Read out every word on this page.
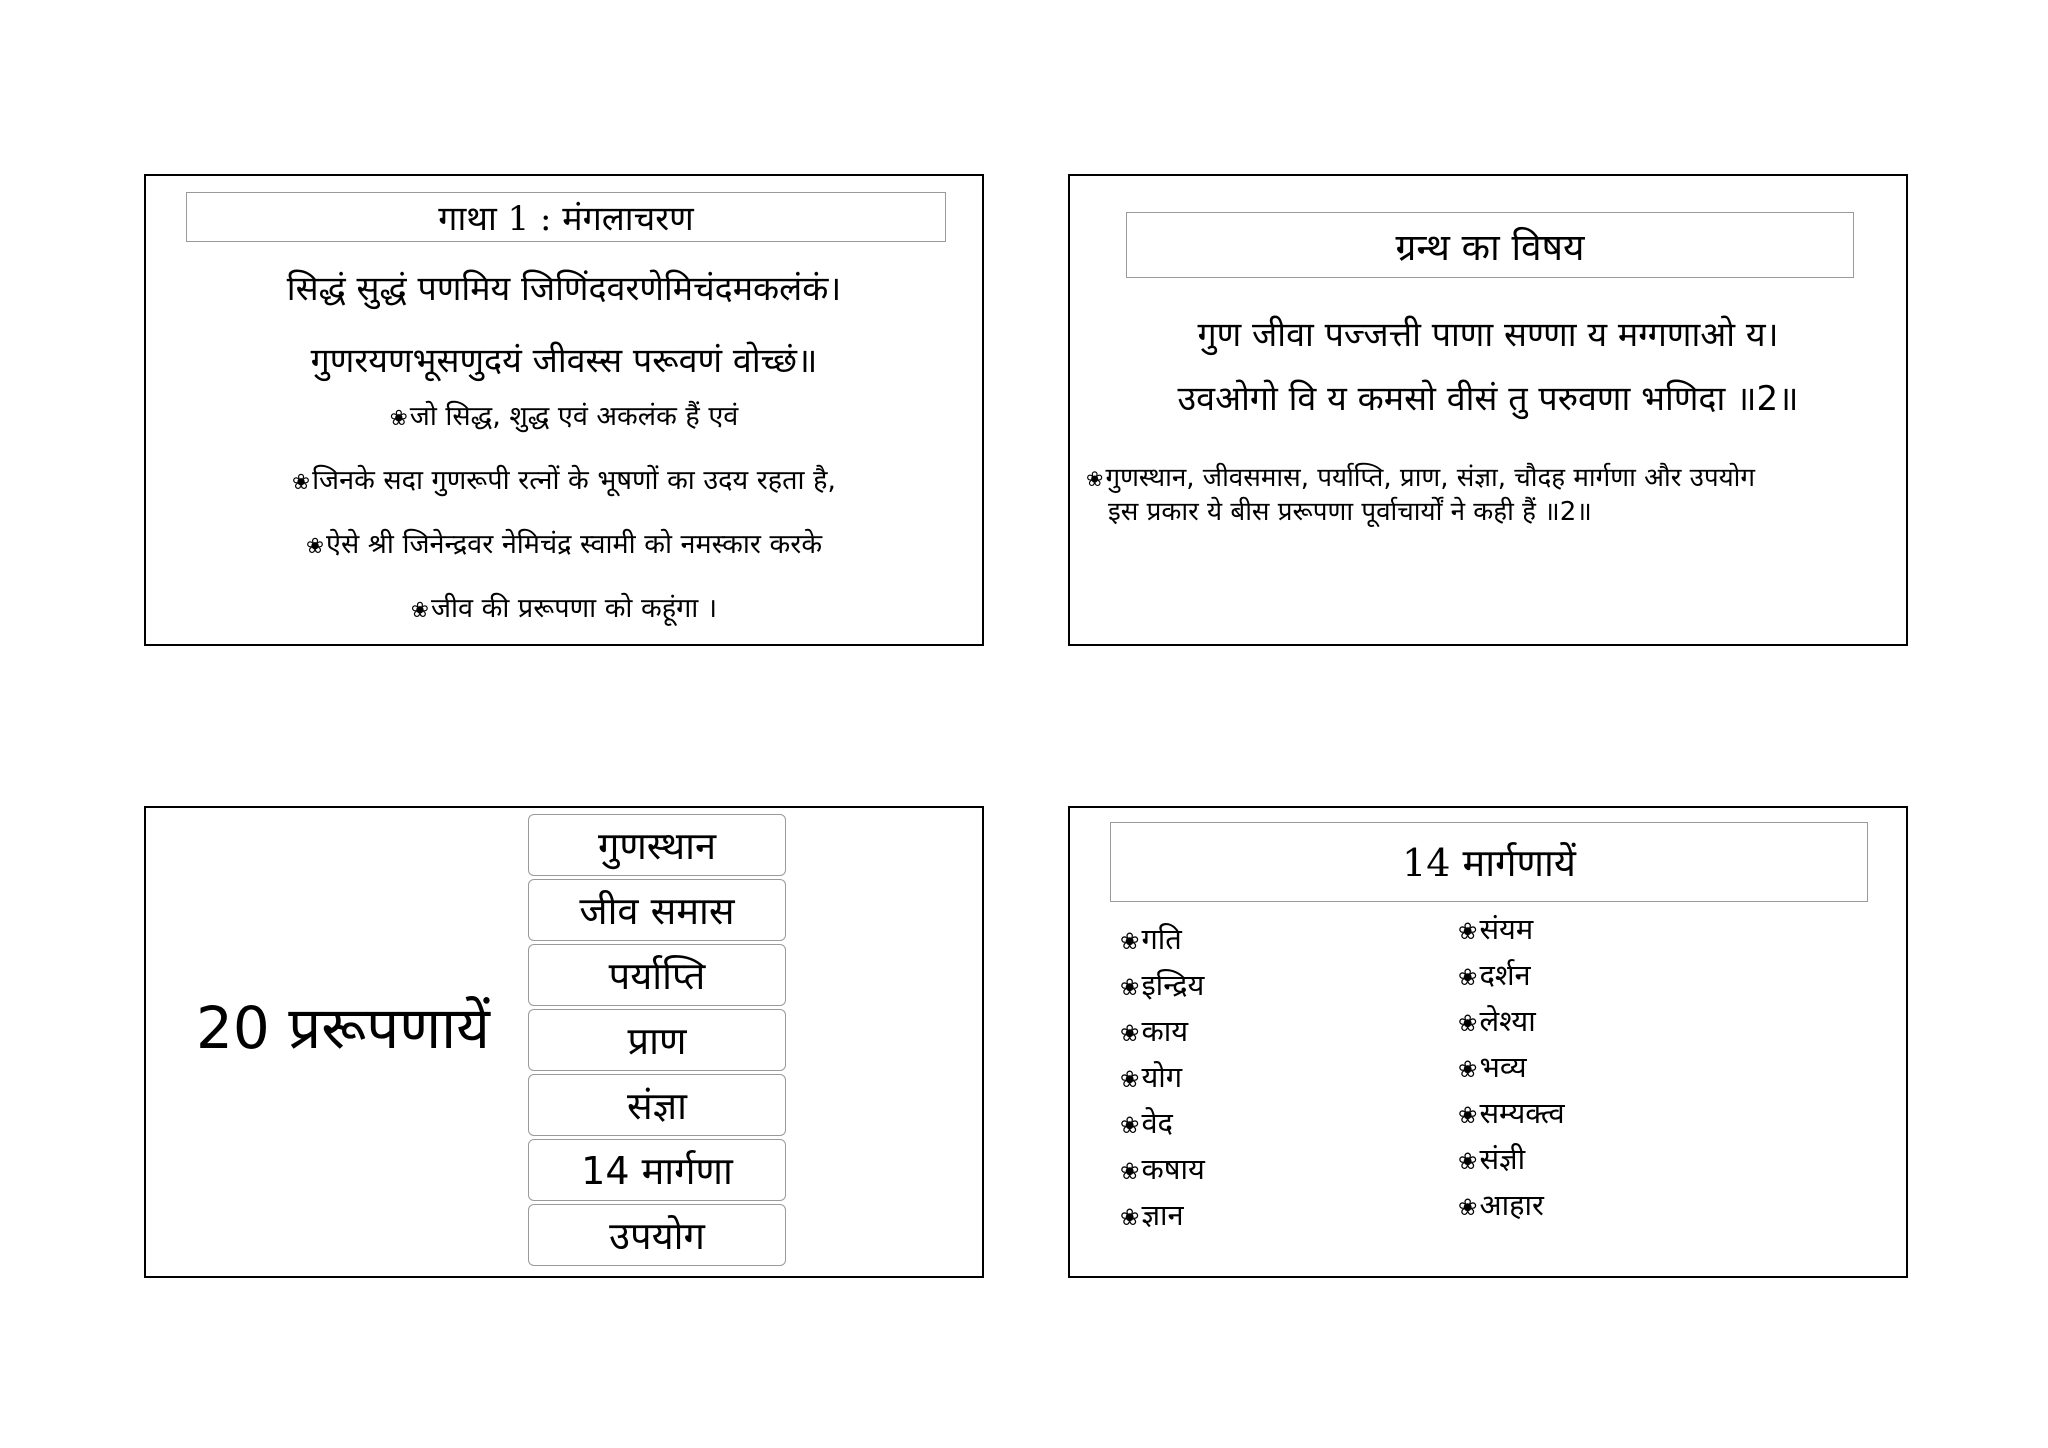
गाथा 1 : मंगलाचरण
सिद्धं सुद्धं पणमिय जिणिंदवरणेमिचंदमकलंकं।
गुणरयणभूसणुदयं जीवस्स परूवणं वोच्छं॥
❀जो सिद्ध, शुद्ध एवं अकलंक हैं एवं
❀जिनके सदा गुणरूपी रत्नों के भूषणों का उदय रहता है,
❀ऐसे श्री जिनेन्द्रवर नेमिचंद्र स्वामी को नमस्कार करके
❀जीव की प्ररूपणा को कहूंगा ।
ग्रन्थ का विषय
गुण जीवा पज्जत्ती पाणा सण्णा य मग्गणाओ य।
उवओगो वि य कमसो वीसं तु परुवणा भणिदा ॥2॥
❀गुणस्थान, जीवसमास, पर्याप्ति, प्राण, संज्ञा, चौदह मार्गणा और उपयोग
इस प्रकार ये बीस प्ररूपणा पूर्वाचार्यों ने कही हैं ॥2॥
20 प्ररूपणायें
गुणस्थान
जीव समास
पर्याप्ति
प्राण
संज्ञा
14 मार्गणा
उपयोग
14 मार्गणायें
❀गति
❀इन्द्रिय
❀काय
❀योग
❀वेद
❀कषाय
❀ज्ञान
❀संयम
❀दर्शन
❀लेश्या
❀भव्य
❀सम्यक्त्व
❀संज्ञी
❀आहार
